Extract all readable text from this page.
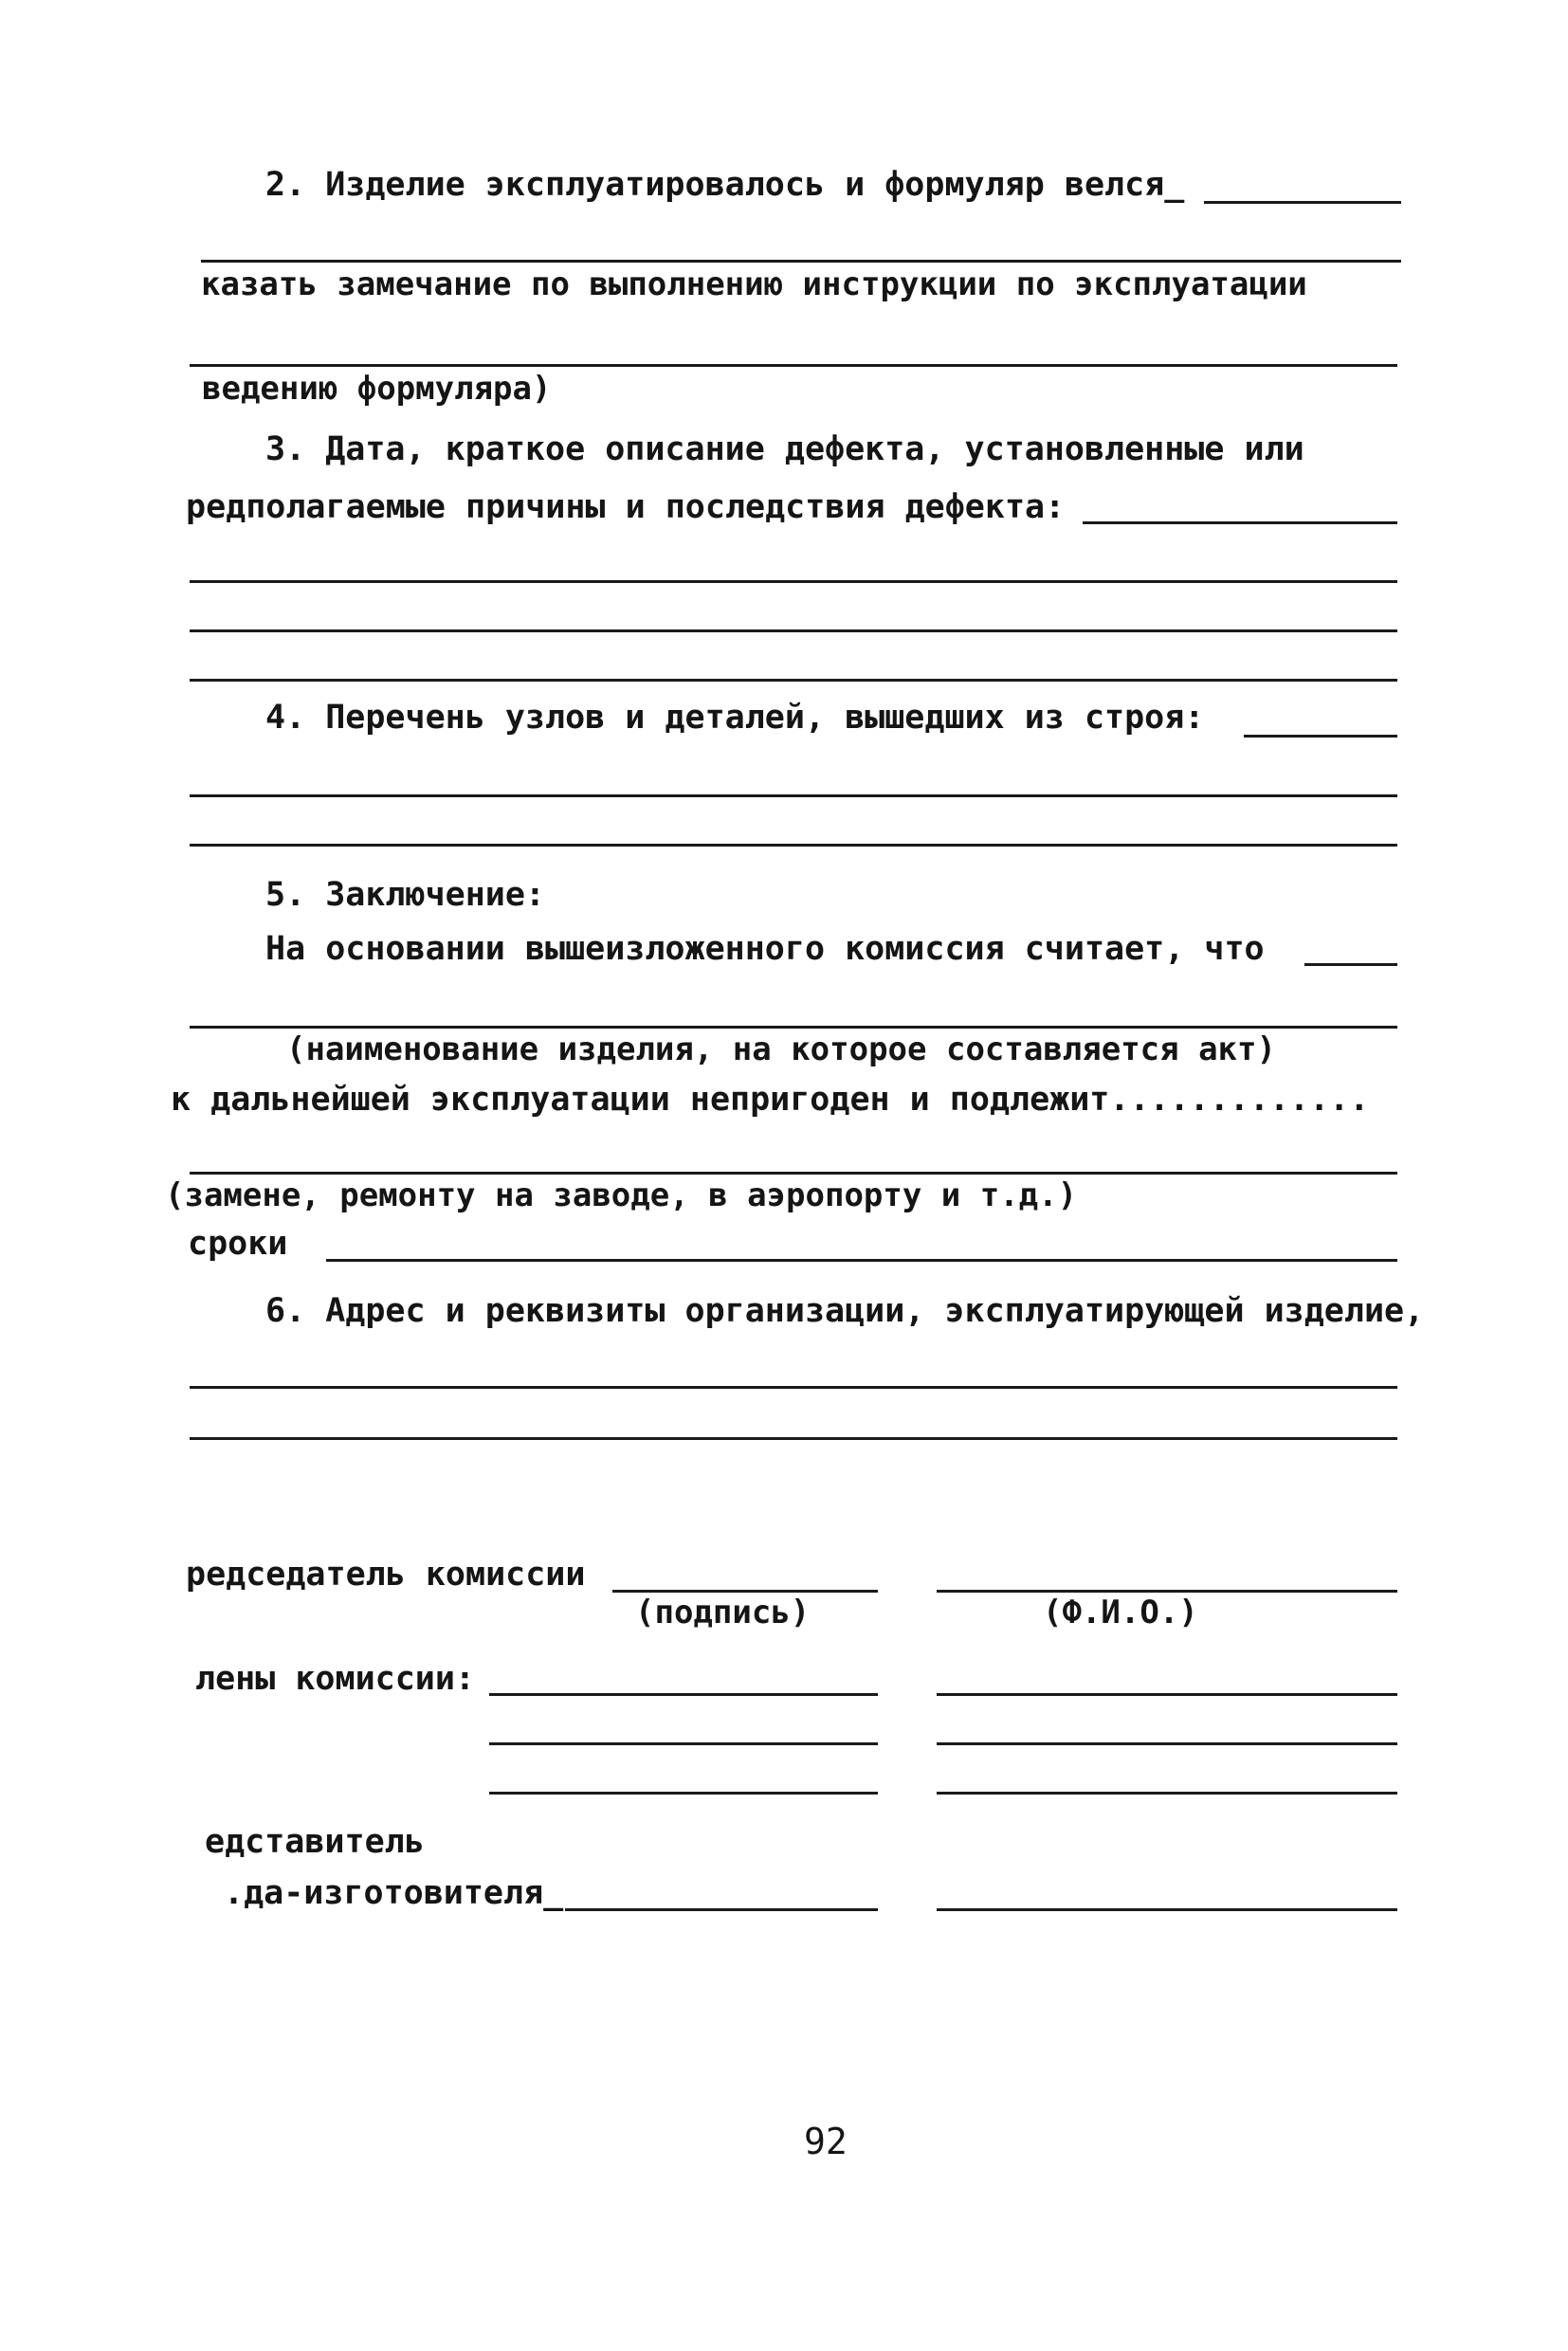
2. Изделие эксплуатировалось и формуляр велся_
казать замечание по выполнению инструкции по эксплуатации
ведению формуляра)
3. Дата, краткое описание дефекта, установленные или
редполагаемые причины и последствия дефекта:
4. Перечень узлов и деталей, вышедших из строя:
5. Заключение:
На основании вышеизложенного комиссия считает, что
(наименование изделия, на которое составляется акт)
к дальнейшей эксплуатации непригоден и подлежит.............
(замене, ремонту на заводе, в аэропорту и т.д.)
сроки
6. Адрес и реквизиты организации, эксплуатирующей изделие,
редседатель комиссии
(подпись)	(Ф.И.О.)
лены комиссии:
едставитель
.да-изготовителя_
92
